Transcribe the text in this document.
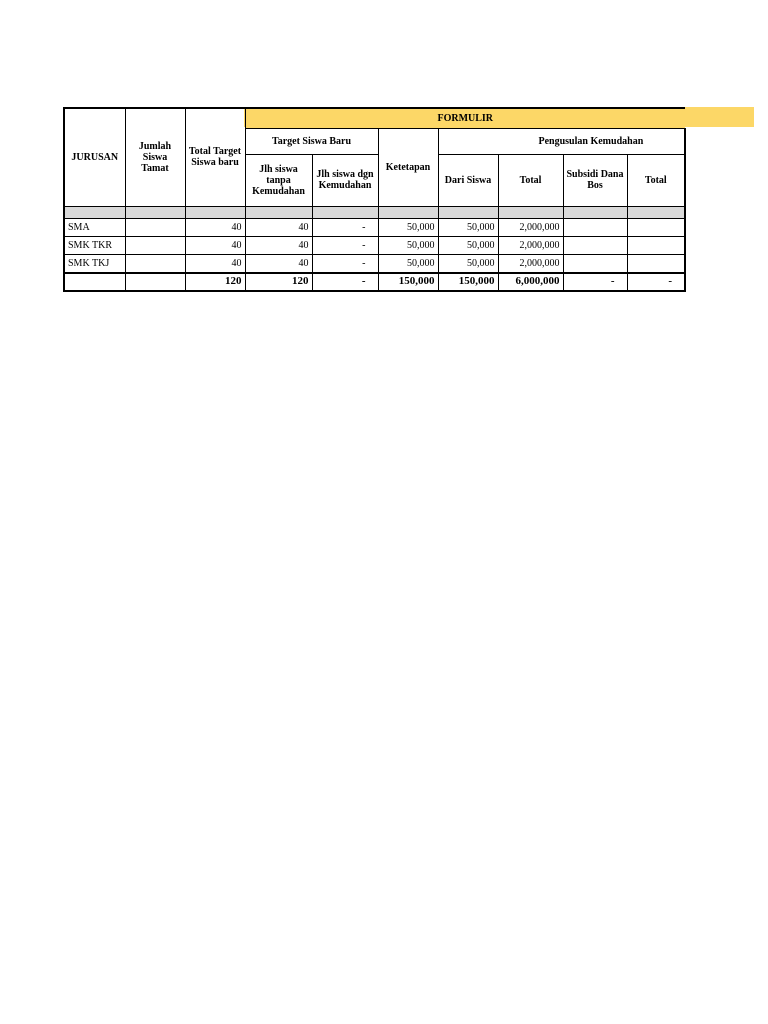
JURUSAN	Jumlah Siswa Tamat	Total Target Siswa baru	FORMULIR						
			Target Siswa Baru		Ketetapan	Pengusulan Kemudahan			
			Jlh siswa tanpa Kemudahan	Jlh siswa dgn Kemudahan		Dari Siswa	Total	Subsidi Dana Bos	Total

SMA		40	40	-	50,000	50,000	2,000,000		
SMK TKR		40	40	-	50,000	50,000	2,000,000		
SMK TKJ		40	40	-	50,000	50,000	2,000,000		
		120	120	-	150,000	150,000	6,000,000	-	-
